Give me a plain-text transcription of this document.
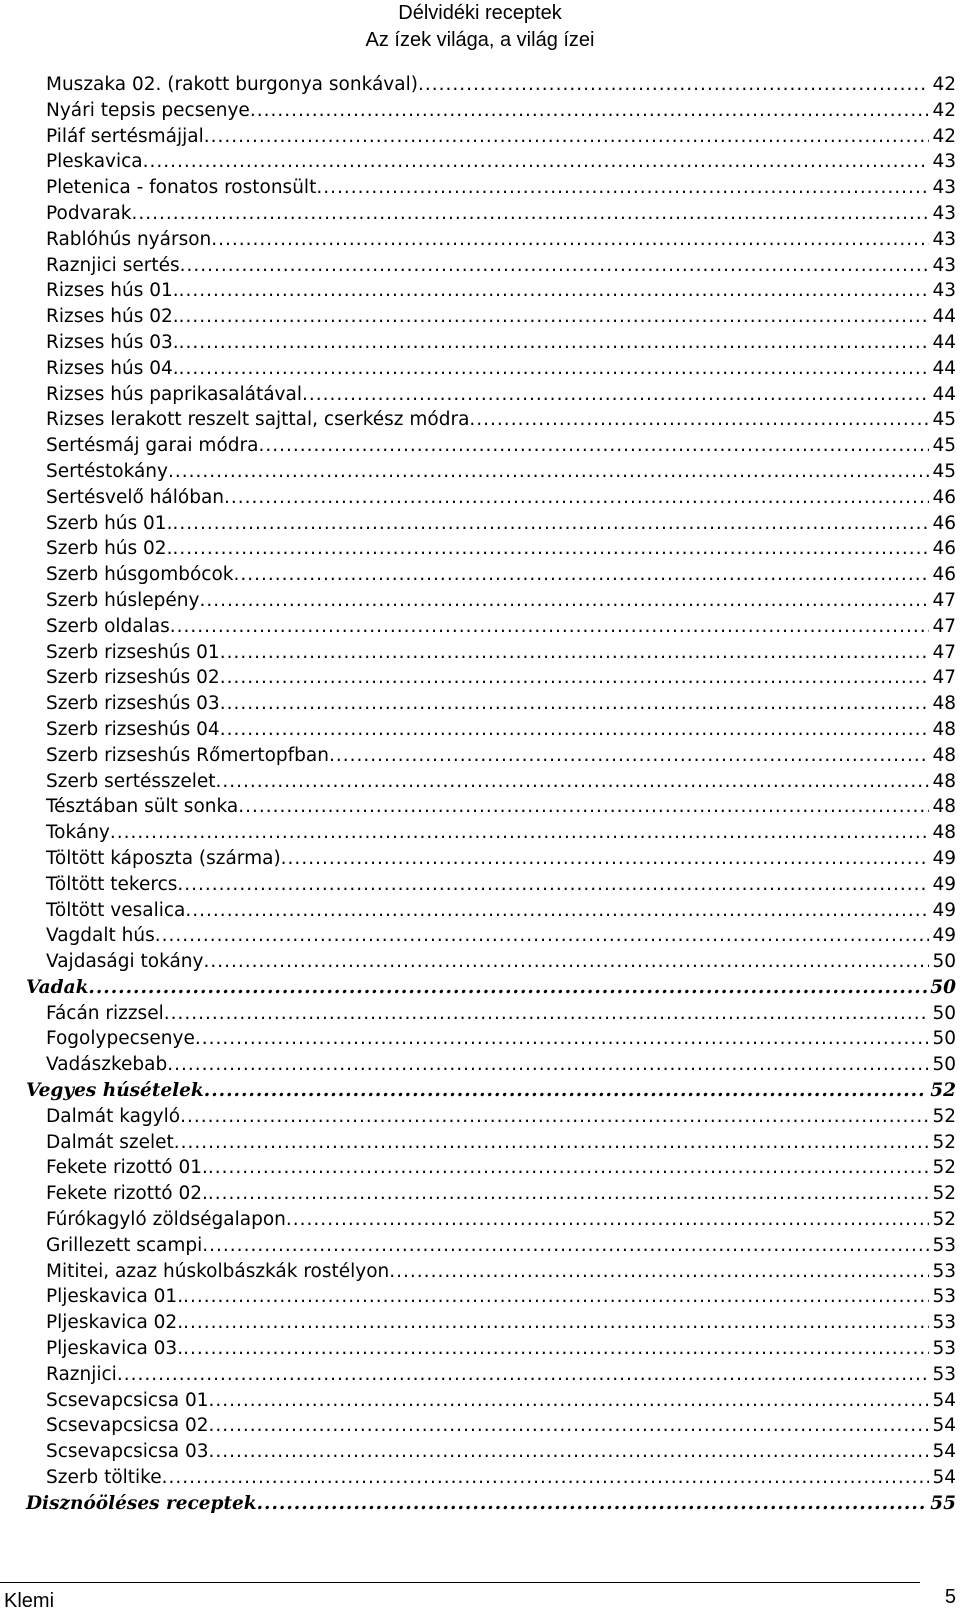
Délvidéki receptek
Az ízek világa, a világ ízei
Muszaka 02. (rakott burgonya sonkával) .....	42
Nyári tepsis pecsenye .....	42
Piláf sertésmájjal .....	42
Pleskavica .....	43
Pletenica - fonatos rostonsült .....	43
Podvarak .....	43
Rablóhús nyárson .....	43
Raznjici sertés .....	43
Rizses hús 01. .....	43
Rizses hús 02. .....	44
Rizses hús 03. .....	44
Rizses hús 04. .....	44
Rizses hús paprikasalátával .....	44
Rizses lerakott reszelt sajttal, cserkész módra .....	45
Sertésmáj garai módra .....	45
Sertéstokány .....	45
Sertésvelő hálóban .....	46
Szerb hús 01. .....	46
Szerb hús 02. .....	46
Szerb húsgombócok .....	46
Szerb húslepény .....	47
Szerb oldalas .....	47
Szerb rizseshús 01 .....	47
Szerb rizseshús 02 .....	47
Szerb rizseshús 03 .....	48
Szerb rizseshús 04 .....	48
Szerb rizseshús Rőmertopfban .....	48
Szerb sertésszelet .....	48
Tésztában sült sonka .....	48
Tokány .....	48
Töltött káposzta (szárma) .....	49
Töltött tekercs .....	49
Töltött vesalica .....	49
Vagdalt hús .....	49
Vajdasági tokány .....	50
Vadak .....	50
Fácán rizzsel .....	50
Fogolypecsenye .....	50
Vadászkebab .....	50
Vegyes húsételek .....	52
Dalmát kagyló .....	52
Dalmát szelet .....	52
Fekete rizottó 01. .....	52
Fekete rizottó 02. .....	52
Fúrókagyló zöldségalapon .....	52
Grillezett scampi .....	53
Mititei, azaz húskolbászkák rostélyon .....	53
Pljeskavica 01. .....	53
Pljeskavica 02. .....	53
Pljeskavica 03. .....	53
Raznjici .....	53
Scsevapcsicsa 01 .....	54
Scsevapcsicsa 02 .....	54
Scsevapcsicsa 03 .....	54
Szerb töltike .....	54
Disznóöléses receptek .....	55
Klemi	5
